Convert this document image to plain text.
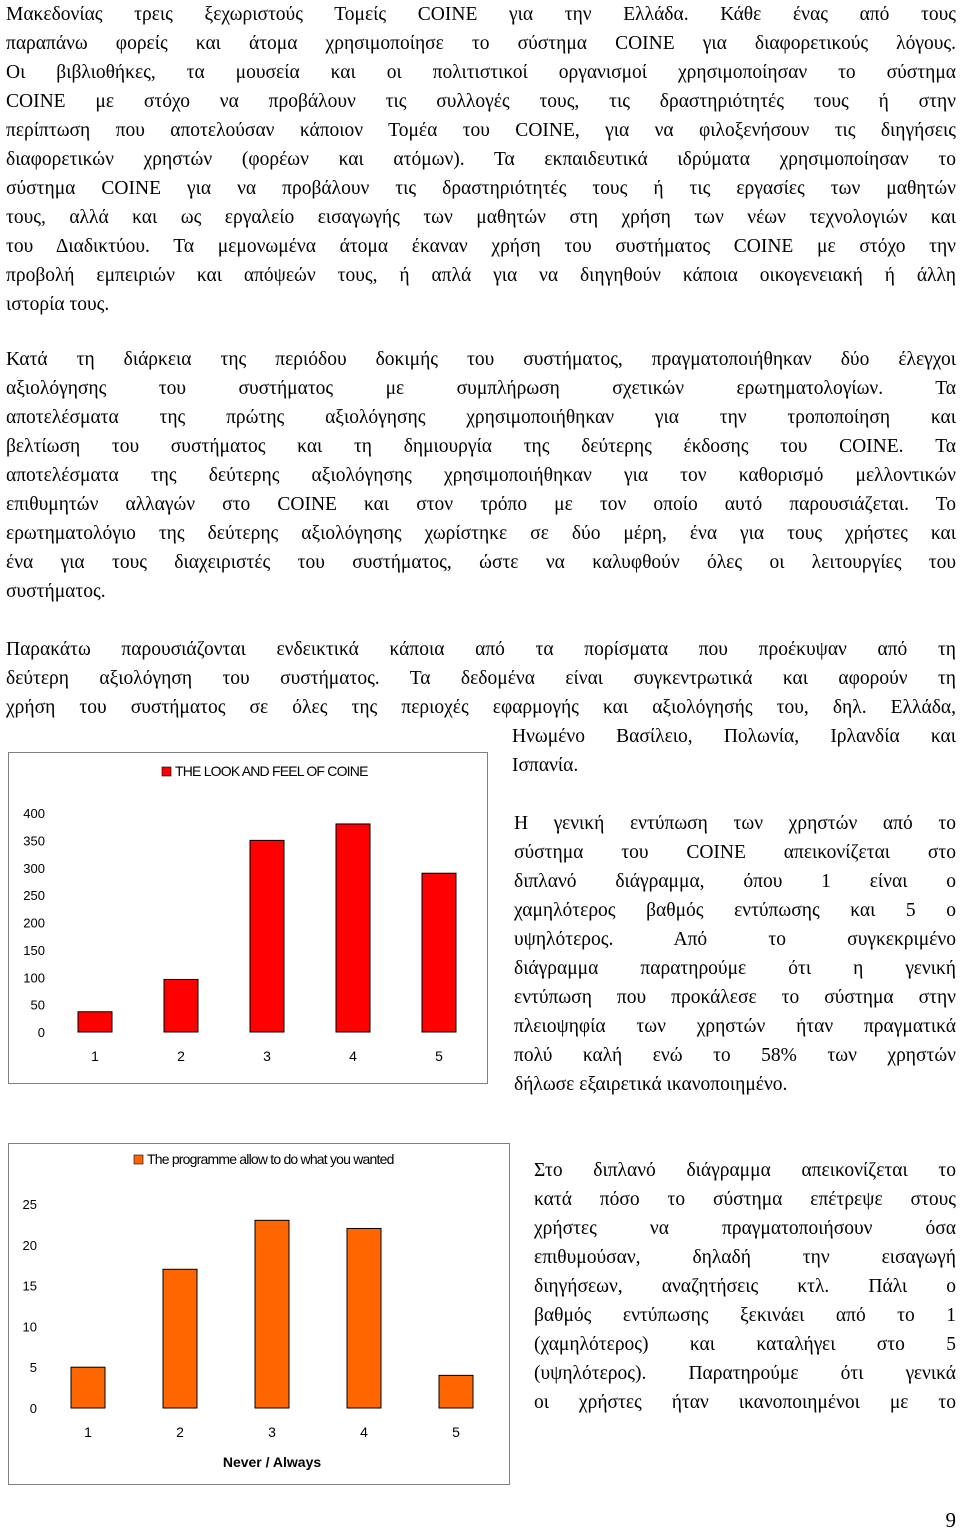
Μακεδονίας τρεις ξεχωριστούς Τομείς COINE για την Ελλάδα. Κάθε ένας από τους
παραπάνω φορείς και άτομα χρησιμοποίησε το σύστημα COINE για διαφορετικούς λόγους.
Οι βιβλιοθήκες, τα μουσεία και οι πολιτιστικοί οργανισμοί χρησιμοποίησαν το σύστημα
COINE με στόχο να προβάλουν τις συλλογές τους, τις δραστηριότητές τους ή στην
περίπτωση που αποτελούσαν κάποιον Τομέα του COINE, για να φιλοξενήσουν τις διηγήσεις
διαφορετικών χρηστών (φορέων και ατόμων). Τα εκπαιδευτικά ιδρύματα χρησιμοποίησαν το
σύστημα COINE για να προβάλουν τις δραστηριότητές τους ή τις εργασίες των μαθητών
τους, αλλά και ως εργαλείο εισαγωγής των μαθητών στη χρήση των νέων τεχνολογιών και
του Διαδικτύου. Τα μεμονωμένα άτομα έκαναν χρήση του συστήματος COINE με στόχο την
προβολή εμπειριών και απόψεών τους, ή απλά για να διηγηθούν κάποια οικογενειακή ή άλλη
ιστορία τους.
Κατά τη διάρκεια της περιόδου δοκιμής του συστήματος, πραγματοποιήθηκαν δύο έλεγχοι
αξιολόγησης του συστήματος με συμπλήρωση σχετικών ερωτηματολογίων. Τα
αποτελέσματα της πρώτης αξιολόγησης χρησιμοποιήθηκαν για την τροποποίηση και
βελτίωση του συστήματος και τη δημιουργία της δεύτερης έκδοσης του COINE. Τα
αποτελέσματα της δεύτερης αξιολόγησης χρησιμοποιήθηκαν για τον καθορισμό μελλοντικών
επιθυμητών αλλαγών στο COINE και στον τρόπο με τον οποίο αυτό παρουσιάζεται. Το
ερωτηματολόγιο της δεύτερης αξιολόγησης χωρίστηκε σε δύο μέρη, ένα για τους χρήστες και
ένα για τους διαχειριστές του συστήματος, ώστε να καλυφθούν όλες οι λειτουργίες του
συστήματος.
Παρακάτω παρουσιάζονται ενδεικτικά κάποια από τα πορίσματα που προέκυψαν από τη
δεύτερη αξιολόγηση του συστήματος. Τα δεδομένα είναι συγκεντρωτικά και αφορούν τη
χρήση του συστήματος σε όλες της περιοχές εφαρμογής και αξιολόγησής του, δηλ. Ελλάδα,
Ηνωμένο Βασίλειο, Πολωνία, Ιρλανδία και
Ισπανία.
THE LOOK AND FEEL OF COINE
0
50
100
150
200
250
300
350
400
1	2	3	4	5
Η γενική εντύπωση των χρηστών από το
σύστημα του COINE απεικονίζεται στο
διπλανό διάγραμμα, όπου 1 είναι ο
χαμηλότερος βαθμός εντύπωσης και 5 ο
υψηλότερος. Από το συγκεκριμένο
διάγραμμα παρατηρούμε ότι η γενική
εντύπωση που προκάλεσε το σύστημα στην
πλειοψηφία των χρηστών ήταν πραγματικά
πολύ καλή ενώ το 58% των χρηστών
δήλωσε εξαιρετικά ικανοποιημένο.
The programme allow to do what you wanted
0
5
10
15
20
25
1	2	3	4	5
Never / Always
Στο διπλανό διάγραμμα απεικονίζεται το
κατά πόσο το σύστημα επέτρεψε στους
χρήστες να πραγματοποιήσουν όσα
επιθυμούσαν, δηλαδή την εισαγωγή
διηγήσεων, αναζητήσεις κτλ. Πάλι ο
βαθμός εντύπωσης ξεκινάει από το 1
(χαμηλότερος) και καταλήγει στο 5
(υψηλότερος). Παρατηρούμε ότι γενικά
οι χρήστες ήταν ικανοποιημένοι με το
9
